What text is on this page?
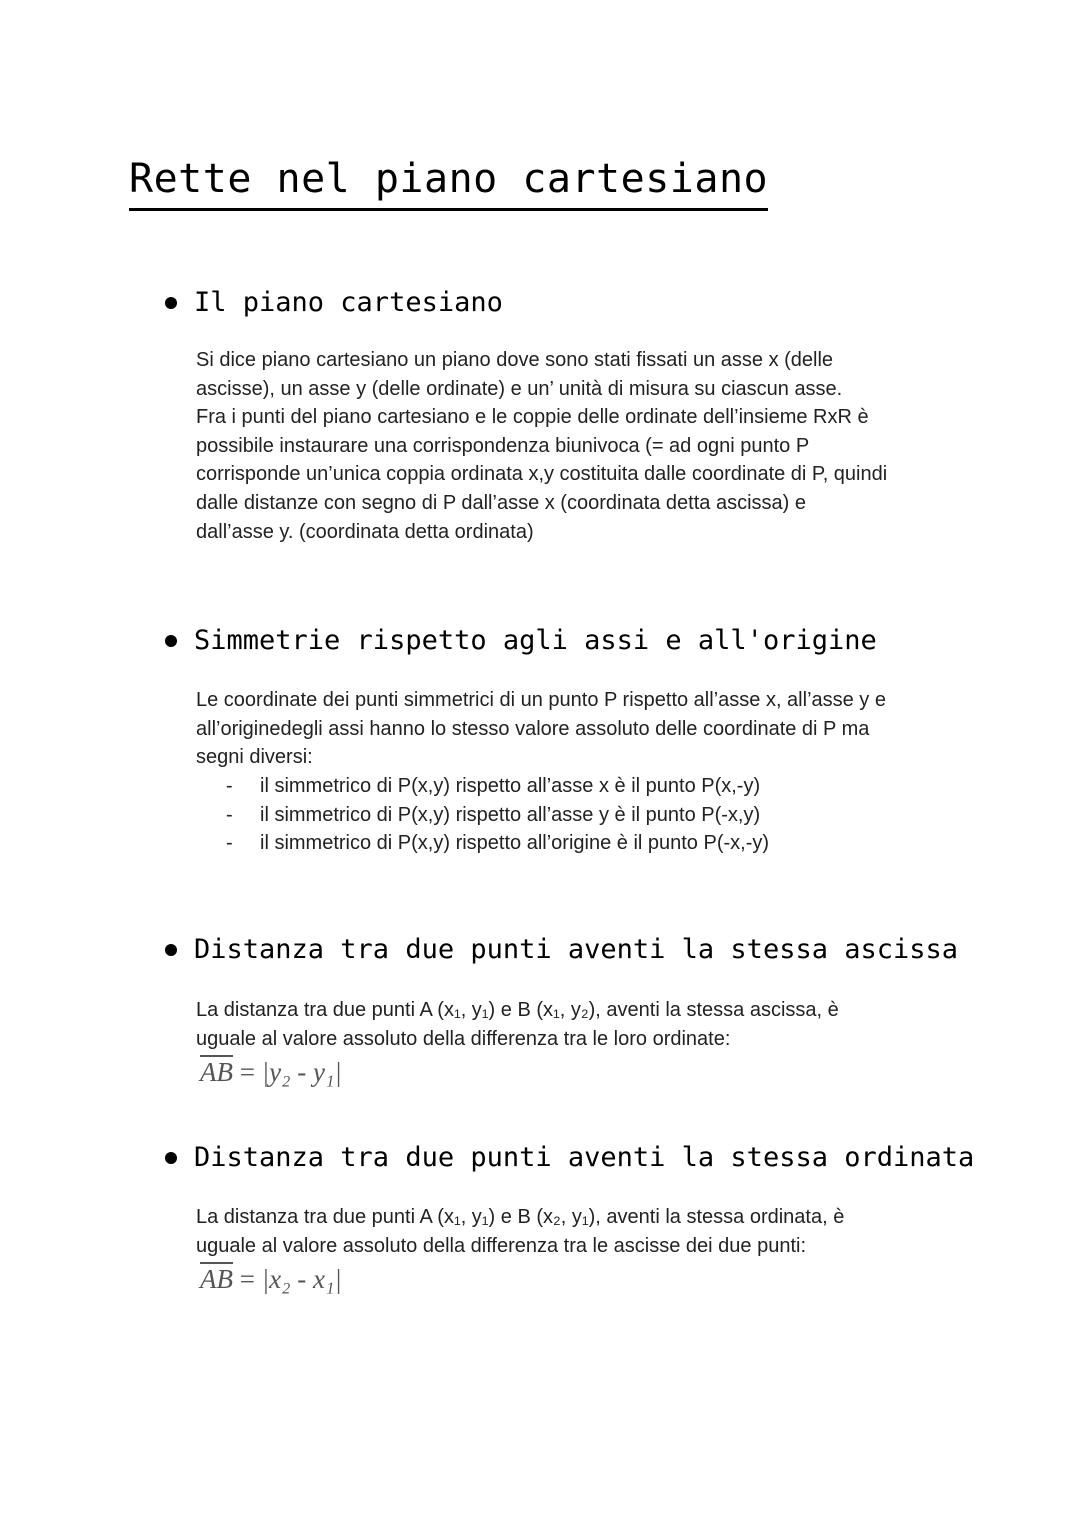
Rette nel piano cartesiano
Il piano cartesiano
Si dice piano cartesiano un piano dove sono stati fissati un asse x (delle
ascisse), un asse y (delle ordinate) e un’ unità di misura su ciascun asse.
Fra i punti del piano cartesiano e le coppie delle ordinate dell’insieme RxR è
possibile instaurare una corrispondenza biunivoca (= ad ogni punto P
corrisponde un’unica coppia ordinata x,y costituita dalle coordinate di P, quindi
dalle distanze con segno di P dall’asse x (coordinata detta ascissa) e
dall’asse y. (coordinata detta ordinata)
Simmetrie rispetto agli assi e all'origine
Le coordinate dei punti simmetrici di un punto P rispetto all’asse x, all’asse y e
all’originedegli assi hanno lo stesso valore assoluto delle coordinate di P ma
segni diversi:
- il simmetrico di P(x,y) rispetto all’asse x è il punto P(x,-y)
- il simmetrico di P(x,y) rispetto all’asse y è il punto P(-x,y)
- il simmetrico di P(x,y) rispetto all’origine è il punto P(-x,-y)
Distanza tra due punti aventi la stessa ascissa
La distanza tra due punti A (x₁, y₁) e B (x₁, y₂), aventi la stessa ascissa, è
uguale al valore assoluto della differenza tra le loro ordinate:
$\overline{AB} = |y_2 - y_1|$
Distanza tra due punti aventi la stessa ordinata
La distanza tra due punti A (x₁, y₁) e B (x₂, y₁), aventi la stessa ordinata, è
uguale al valore assoluto della differenza tra le ascisse dei due punti:
$\overline{AB} = |x_2 - x_1|$
